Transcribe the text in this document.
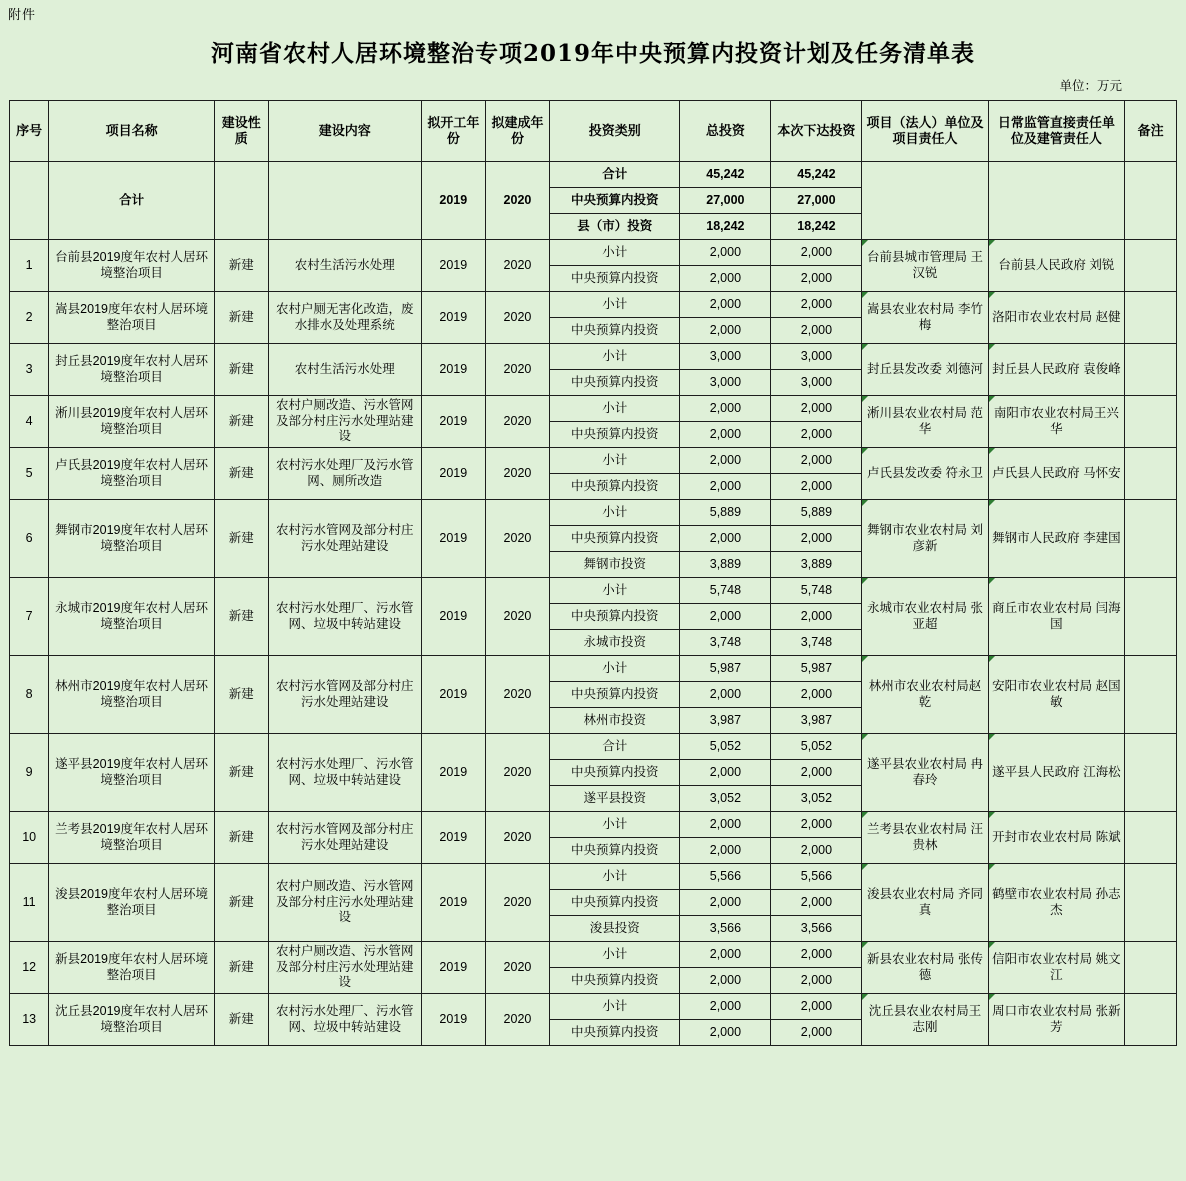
附件
河南省农村人居环境整治专项2019年中央预算内投资计划及任务清单表
单位：万元
序号	项目名称	建设性质	建设内容	拟开工年份	拟建成年份	投资类别	总投资	本次下达投资	项目（法人）单位及项目责任人	日常监管直接责任单位及建管责任人	备注
	合计			2019	2020	合计	45,242	45,242			
						中央预算内投资	27,000	27,000			
						县（市）投资	18,242	18,242			
1	台前县2019度年农村人居环境整治项目	新建	农村生活污水处理	2019	2020	小计	2,000	2,000	台前县城市管理局 王汉锐	台前县人民政府 刘锐	
						中央预算内投资	2,000	2,000			
2	嵩县2019度年农村人居环境整治项目	新建	农村户厕无害化改造，废水排水及处理系统	2019	2020	小计	2,000	2,000	嵩县农业农村局 李竹梅	洛阳市农业农村局 赵健	
						中央预算内投资	2,000	2,000			
3	封丘县2019度年农村人居环境整治项目	新建	农村生活污水处理	2019	2020	小计	3,000	3,000	封丘县发改委 刘德河	封丘县人民政府 袁俊峰	
						中央预算内投资	3,000	3,000			
4	淅川县2019度年农村人居环境整治项目	新建	农村户厕改造、污水管网及部分村庄污水处理站建设	2019	2020	小计	2,000	2,000	淅川县农业农村局 范华	南阳市农业农村局王兴华	
						中央预算内投资	2,000	2,000			
5	卢氏县2019度年农村人居环境整治项目	新建	农村污水处理厂及污水管网、厕所改造	2019	2020	小计	2,000	2,000	卢氏县发改委 符永卫	卢氏县人民政府 马怀安	
						中央预算内投资	2,000	2,000			
6	舞钢市2019度年农村人居环境整治项目	新建	农村污水管网及部分村庄污水处理站建设	2019	2020	小计	5,889	5,889	舞钢市农业农村局 刘彦新	舞钢市人民政府 李建国	
						中央预算内投资	2,000	2,000			
						舞钢市投资	3,889	3,889			
7	永城市2019度年农村人居环境整治项目	新建	农村污水处理厂、污水管网、垃圾中转站建设	2019	2020	小计	5,748	5,748	永城市农业农村局 张亚超	商丘市农业农村局 闫海国	
						中央预算内投资	2,000	2,000			
						永城市投资	3,748	3,748			
8	林州市2019度年农村人居环境整治项目	新建	农村污水管网及部分村庄污水处理站建设	2019	2020	小计	5,987	5,987	林州市农业农村局赵乾	安阳市农业农村局 赵国敏	
						中央预算内投资	2,000	2,000			
						林州市投资	3,987	3,987			
9	遂平县2019度年农村人居环境整治项目	新建	农村污水处理厂、污水管网、垃圾中转站建设	2019	2020	合计	5,052	5,052	遂平县农业农村局 冉春玲	遂平县人民政府 江海松	
						中央预算内投资	2,000	2,000			
						遂平县投资	3,052	3,052			
10	兰考县2019度年农村人居环境整治项目	新建	农村污水管网及部分村庄污水处理站建设	2019	2020	小计	2,000	2,000	兰考县农业农村局 汪贵林	开封市农业农村局 陈斌	
						中央预算内投资	2,000	2,000			
11	浚县2019度年农村人居环境整治项目	新建	农村户厕改造、污水管网及部分村庄污水处理站建设	2019	2020	小计	5,566	5,566	浚县农业农村局 齐同真	鹤壁市农业农村局 孙志杰	
						中央预算内投资	2,000	2,000			
						浚县投资	3,566	3,566			
12	新县2019度年农村人居环境整治项目	新建	农村户厕改造、污水管网及部分村庄污水处理站建设	2019	2020	小计	2,000	2,000	新县农业农村局 张传德	信阳市农业农村局 姚文江	
						中央预算内投资	2,000	2,000			
13	沈丘县2019度年农村人居环境整治项目	新建	农村污水处理厂、污水管网、垃圾中转站建设	2019	2020	小计	2,000	2,000	沈丘县农业农村局王志刚	周口市农业农村局 张新芳	
						中央预算内投资	2,000	2,000			
